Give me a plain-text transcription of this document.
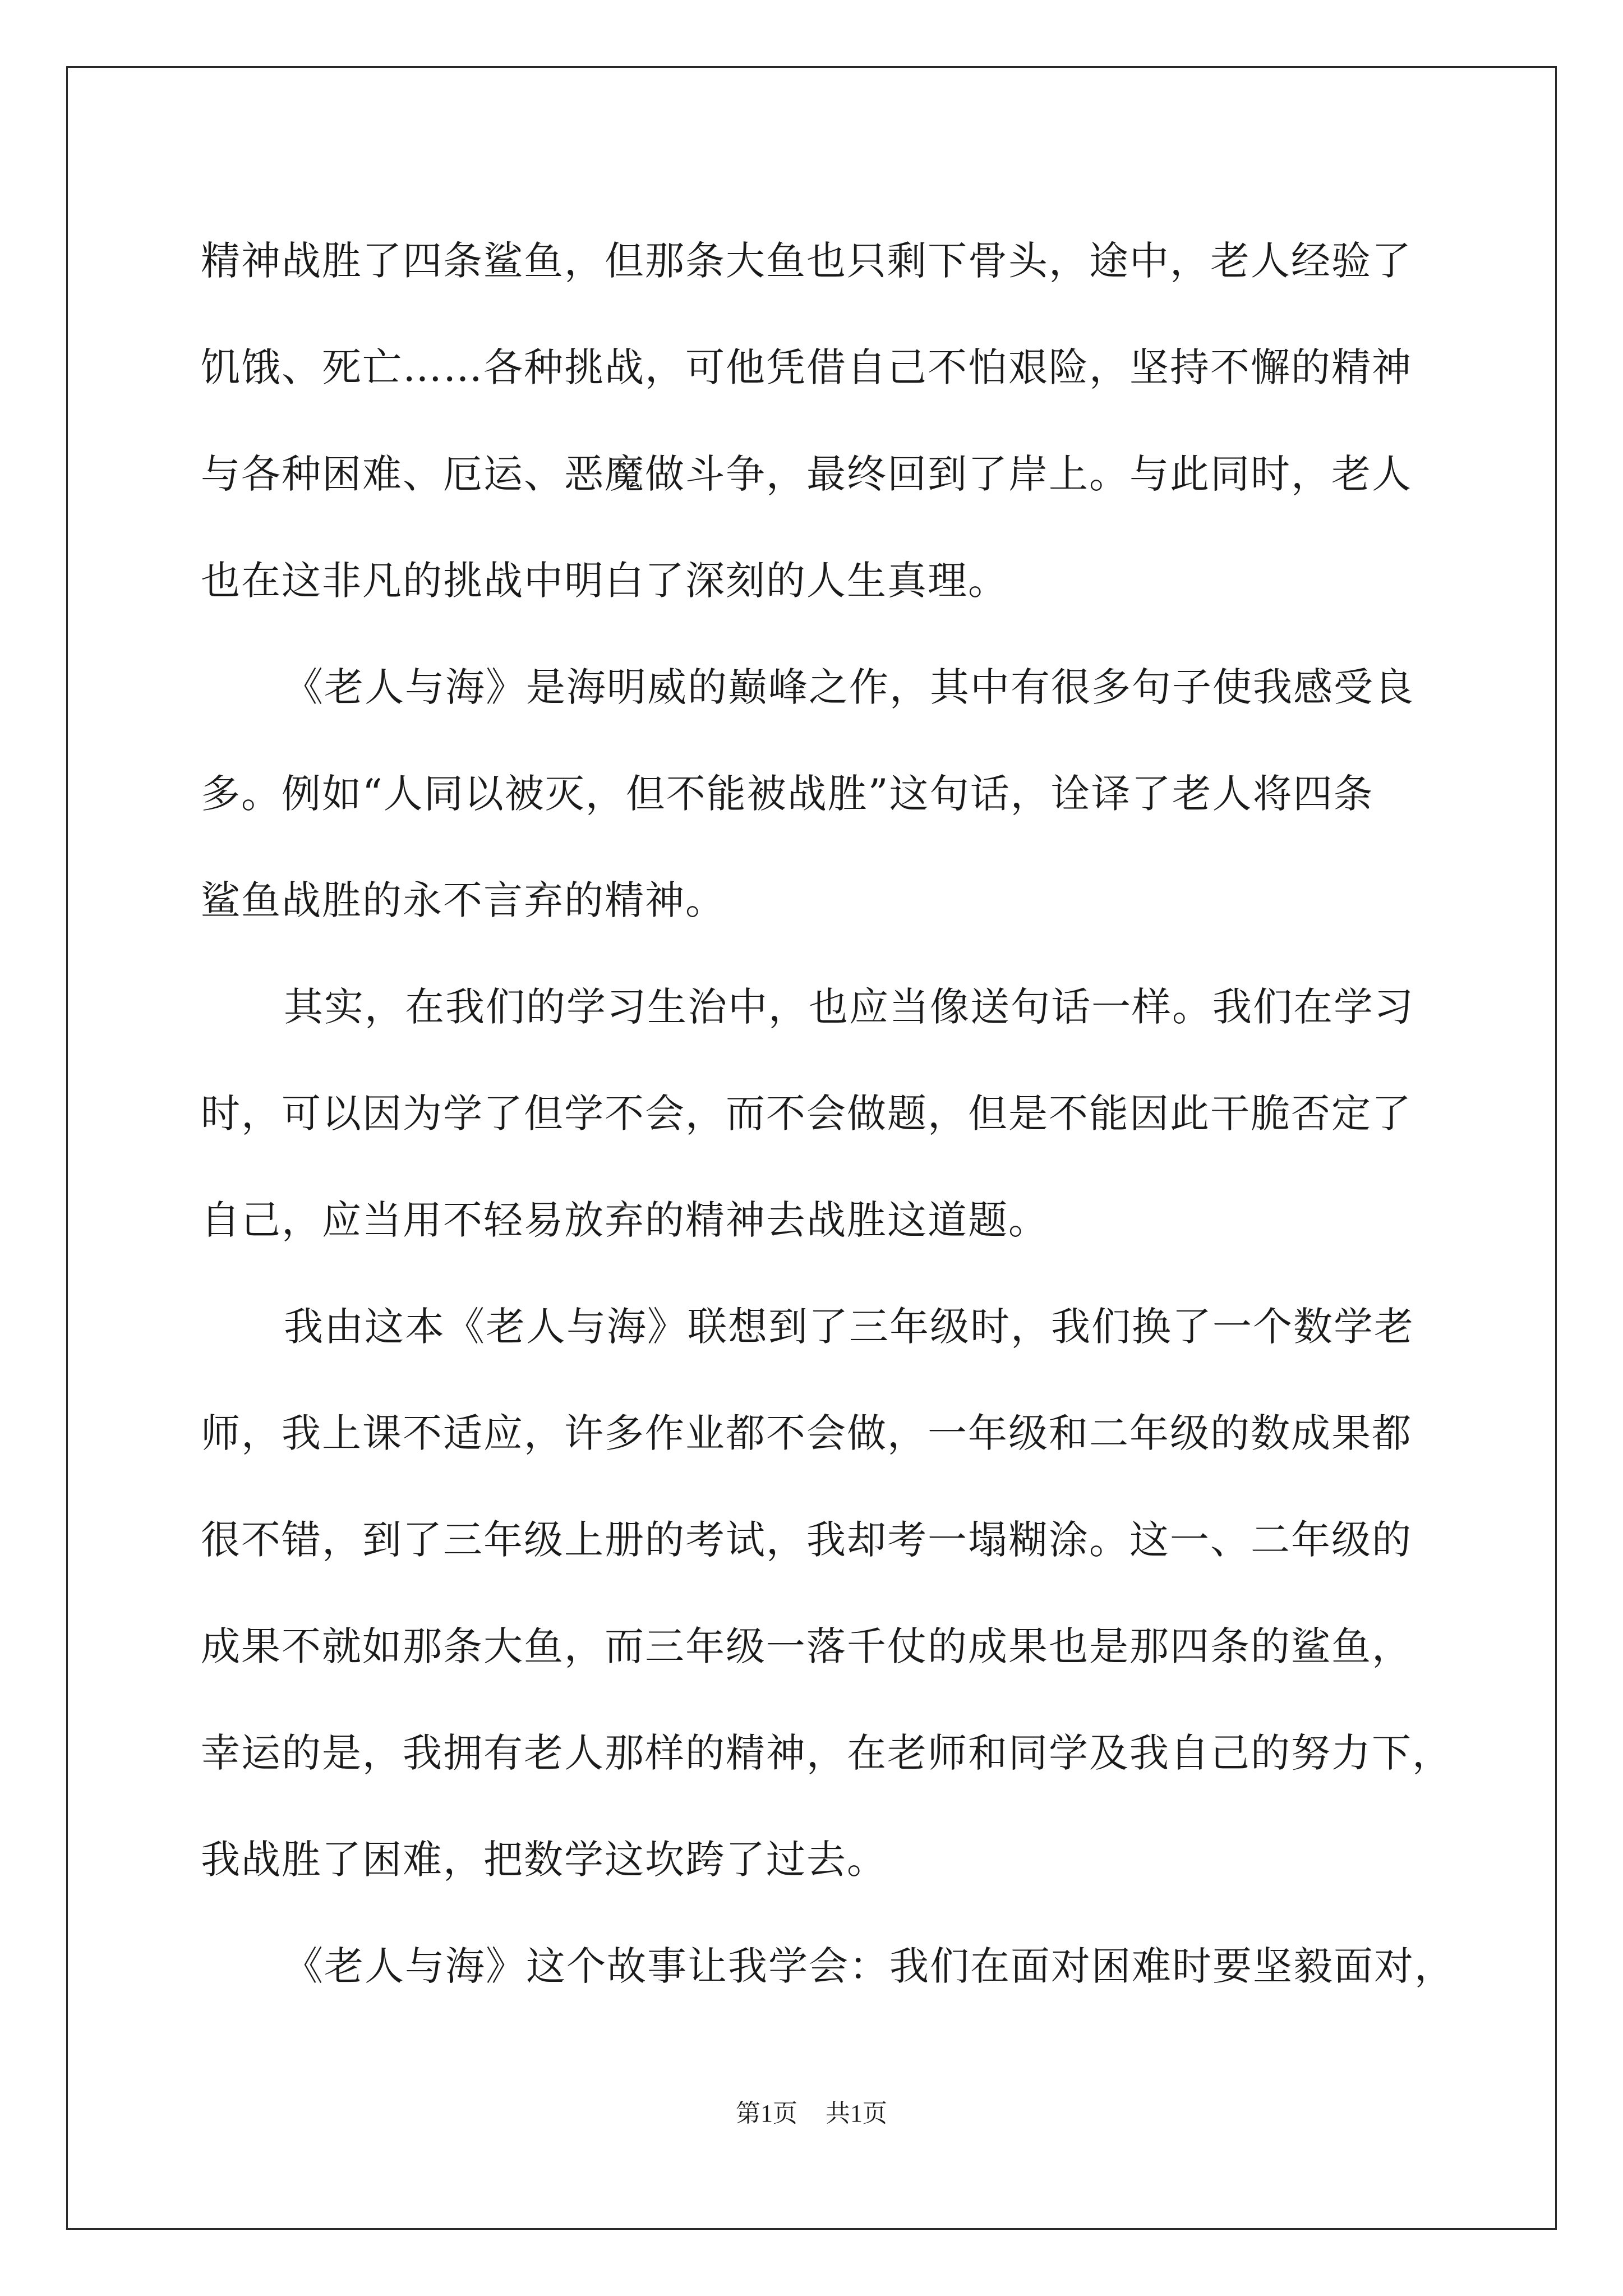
精神战胜了四条鲨鱼，但那条大鱼也只剩下骨头，途中，老人经验了
饥饿、死亡……各种挑战，可他凭借自己不怕艰险，坚持不懈的精神
与各种困难、厄运、恶魔做斗争，最终回到了岸上。与此同时，老人
也在这非凡的挑战中明白了深刻的人生真理。
《老人与海》是海明威的巅峰之作，其中有很多句子使我感受良
多。例如“人同以被灭，但不能被战胜”这句话，诠译了老人将四条
鲨鱼战胜的永不言弃的精神。
其实，在我们的学习生治中，也应当像送句话一样。我们在学习
时，可以因为学了但学不会，而不会做题，但是不能因此干脆否定了
自己，应当用不轻易放弃的精神去战胜这道题。
我由这本《老人与海》联想到了三年级时，我们换了一个数学老
师，我上课不适应，许多作业都不会做，一年级和二年级的数成果都
很不错，到了三年级上册的考试，我却考一塌糊涂。这一、二年级的
成果不就如那条大鱼，而三年级一落千仗的成果也是那四条的鲨鱼，
幸运的是，我拥有老人那样的精神，在老师和同学及我自己的努力下，
我战胜了困难，把数学这坎跨了过去。
《老人与海》这个故事让我学会：我们在面对困难时要坚毅面对，
第1页 共1页
